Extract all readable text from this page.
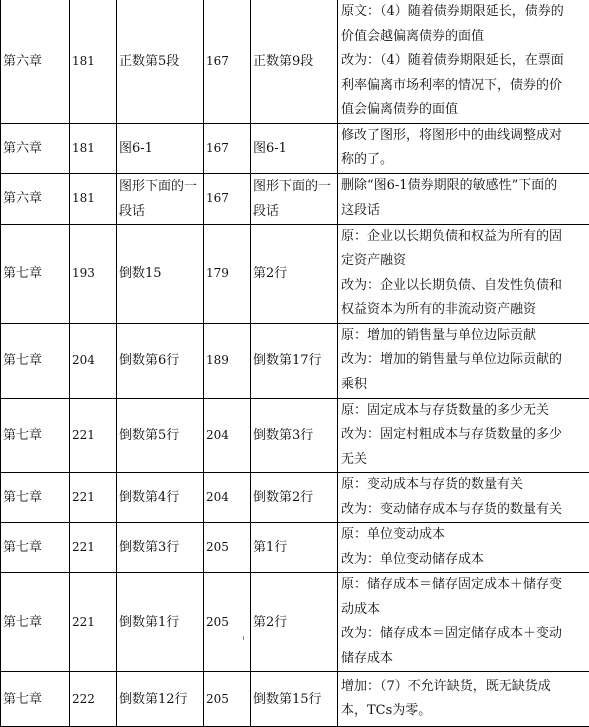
第六章	181	正数第5段	167	正数第9段	原文：（4）随着债券期限延长，债券的
价值会越偏离债券的面值
改为：（4）随着债券期限延长，在票面
利率偏离市场利率的情况下，债券的价
值会偏离债券的面值

第六章	181	图6-1	167	图6-1	修改了图形，将图形中的曲线调整成对
称的了。

第六章	181	图形下面的一
段话	167	图形下面的一
段话	删除“图6-1债券期限的敏感性”下面的
这段话

第七章	193	倒数15	179	第2行	原：企业以长期负债和权益为所有的固
定资产融资
改为：企业以长期负债、自发性负债和
权益资本为所有的非流动资产融资

第七章	204	倒数第6行	189	倒数第17行	原：增加的销售量与单位边际贡献
改为：增加的销售量与单位边际贡献的
乘积

第七章	221	倒数第5行	204	倒数第3行	原：固定成本与存货数量的多少无关
改为：固定村粗成本与存货数量的多少
无关

第七章	221	倒数第4行	204	倒数第2行	原：变动成本与存货的数量有关
改为：变动储存成本与存货的数量有关

第七章	221	倒数第3行	205	第1行	原：单位变动成本
改为：单位变动储存成本

第七章	221	倒数第1行	205	第2行	原：储存成本＝储存固定成本＋储存变
动成本
改为：储存成本＝固定储存成本＋变动
储存成本

第七章	222	倒数第12行	205	倒数第15行	增加：（7）不允许缺货，既无缺货成
本，TCs为零。
